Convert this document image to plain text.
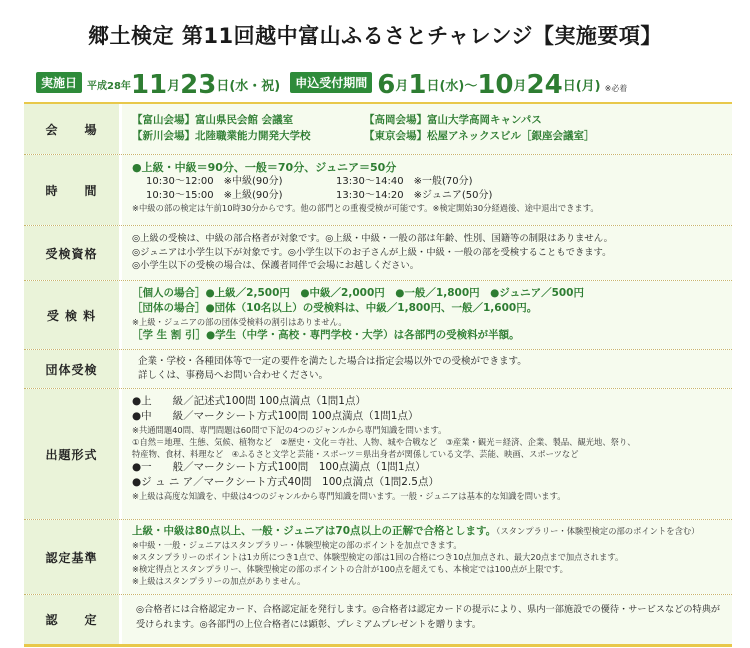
郷土検定 第11回越中富山ふるさとチャレンジ【実施要項】
実施日	平成28年 11 月 23 日(水・祝)	申込受付期間 6 月 1 日(水)～ 10 月 24 日(月) ※必着
会　　場
【富山会場】富山県民会館 会議室	【高岡会場】富山大学高岡キャンパス
【新川会場】北陸職業能力開発大学校	【東京会場】松屋アネックスビル［銀座会議室］
時　　間
●上級・中級＝90分、一般＝70分、ジュニア＝50分
10:30～12:00　※中級(90分)	13:30～14:40　※一般(70分)
10:30～15:00　※上級(90分)	13:30～14:20　※ジュニア(50分)
※中級の部の検定は午前10時30分からです。他の部門との重複受検が可能です。※検定開始30分経過後、途中退出できます。
受検資格
◎上級の受検は、中級の部合格者が対象です。◎上級・中級・一般の部は年齢、性別、国籍等の制限はありません。
◎ジュニアは小学生以下が対象です。◎小学生以下のお子さんが上級・中級・一般の部を受検することもできます。
◎小学生以下の受検の場合は、保護者同伴で会場にお越しください。
受 検 料
［個人の場合］●上級／2,500円　●中級／2,000円　●一般／1,800円　●ジュニア／500円
［団体の場合］●団体（10名以上）の受検料は、中級／1,800円、一般／1,600円。
※上級・ジュニアの部の団体受検料の割引はありません。
［学 生 割 引］●学生（中学・高校・専門学校・大学）は各部門の受検料が半額。
団体受検
企業・学校・各種団体等で一定の要件を満たした場合は指定会場以外での受検ができます。
詳しくは、事務局へお問い合わせください。
出題形式
●上　　級／記述式100問 100点満点（1問1点）
●中　　級／マークシート方式100問 100点満点（1問1点）
※共通問題40問、専門問題は60問で下記の4つのジャンルから専門知識を問います。
①自然＝地理、生態、気候、植物など　②歴史・文化＝寺社、人物、城や合戦など　③産業・観光＝経済、企業、製品、観光地、祭り、
特産物、食材、料理など　④ふるさと文学と芸能・スポーツ＝県出身者が関係している文学、芸能、映画、スポーツなど
●一　　般／マークシート方式100問　100点満点（1問1点）
●ジ ュ ニ ア／マークシート方式40問　100点満点（1問2.5点）
※上級は高度な知識を、中級は4つのジャンルから専門知識を問います。一般・ジュニアは基本的な知識を問います。
認定基準
上級・中級は80点以上、一般・ジュニアは70点以上の正解で合格とします。（スタンプラリー・体験型検定の部のポイントを含む）
※中級・一般・ジュニアはスタンプラリー・体験型検定の部のポイントを加点できます。
※スタンプラリーのポイントは1カ所につき1点で、体験型検定の部は1回の合格につき10点加点され、最大20点まで加点されます。
※検定得点とスタンプラリー、体験型検定の部のポイントの合計が100点を超えても、本検定では100点が上限です。
※上級はスタンプラリーの加点がありません。
認　　定
◎合格者には合格認定カード、合格認定証を発行します。◎合格者は認定カードの提示により、県内一部施設での優待・サービスなどの特典が受けられます。◎各部門の上位合格者には顕彰、プレミアムプレゼントを贈ります。
